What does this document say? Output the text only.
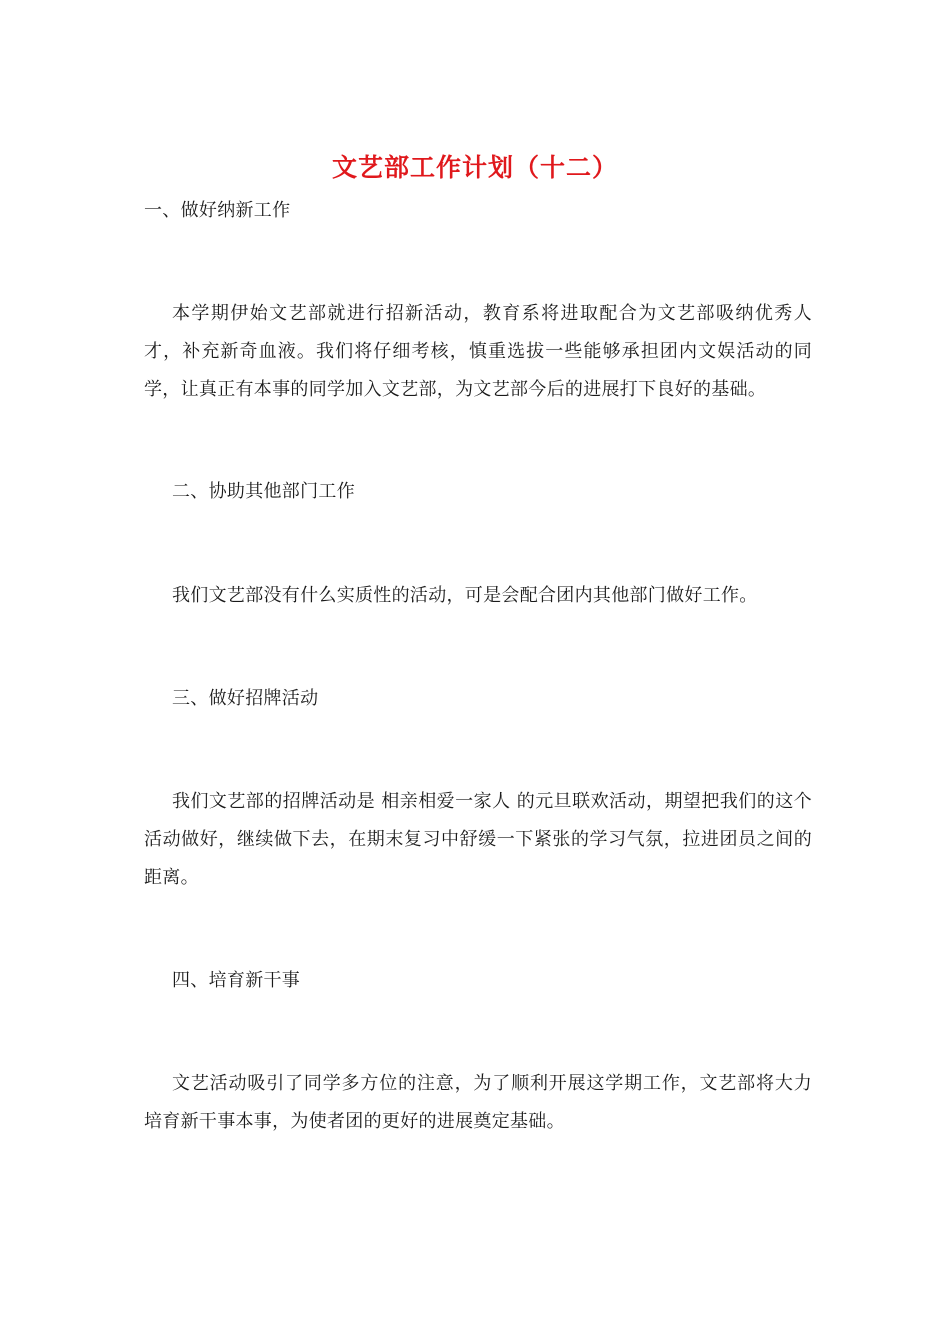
文艺部工作计划（十二）
一、做好纳新工作
本学期伊始文艺部就进行招新活动，教育系将进取配合为文艺部吸纳优秀人才，补充新奇血液。我们将仔细考核，慎重选拔一些能够承担团内文娱活动的同学，让真正有本事的同学加入文艺部，为文艺部今后的进展打下良好的基础。
二、协助其他部门工作
我们文艺部没有什么实质性的活动，可是会配合团内其他部门做好工作。
三、做好招牌活动
我们文艺部的招牌活动是 相亲相爱一家人 的元旦联欢活动，期望把我们的这个活动做好，继续做下去，在期末复习中舒缓一下紧张的学习气氛，拉进团员之间的距离。
四、培育新干事
文艺活动吸引了同学多方位的注意，为了顺利开展这学期工作，文艺部将大力培育新干事本事，为使者团的更好的进展奠定基础。
